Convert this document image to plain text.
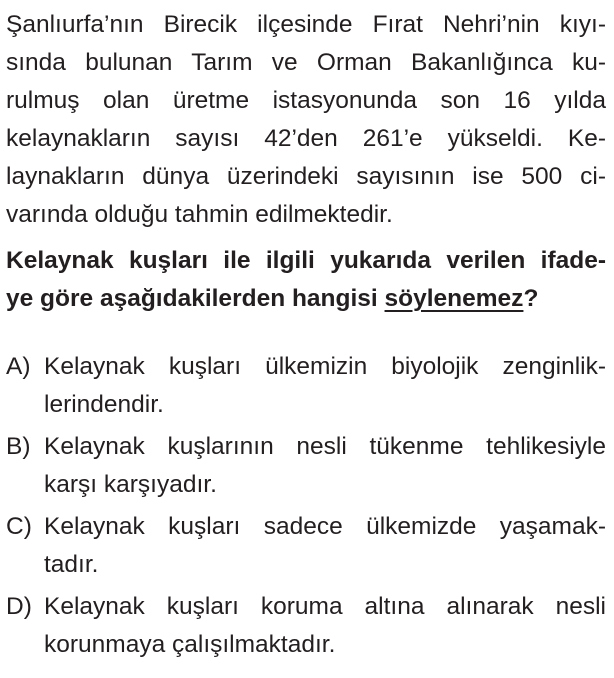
Şanlıurfa’nın Birecik ilçesinde Fırat Nehri’nin kıyı-
sında bulunan Tarım ve Orman Bakanlığınca ku-
rulmuş olan üretme istasyonunda son 16 yılda
kelaynakların sayısı 42’den 261’e yükseldi. Ke-
laynakların dünya üzerindeki sayısının ise 500 ci-
varında olduğu tahmin edilmektedir.
Kelaynak kuşları ile ilgili yukarıda verilen ifade-
ye göre aşağıdakilerden hangisi söylenemez?
A) Kelaynak kuşları ülkemizin biyolojik zenginlik-
lerindendir.
B) Kelaynak kuşlarının nesli tükenme tehlikesiyle
karşı karşıyadır.
C) Kelaynak kuşları sadece ülkemizde yaşamak-
tadır.
D) Kelaynak kuşları koruma altına alınarak nesli
korunmaya çalışılmaktadır.
